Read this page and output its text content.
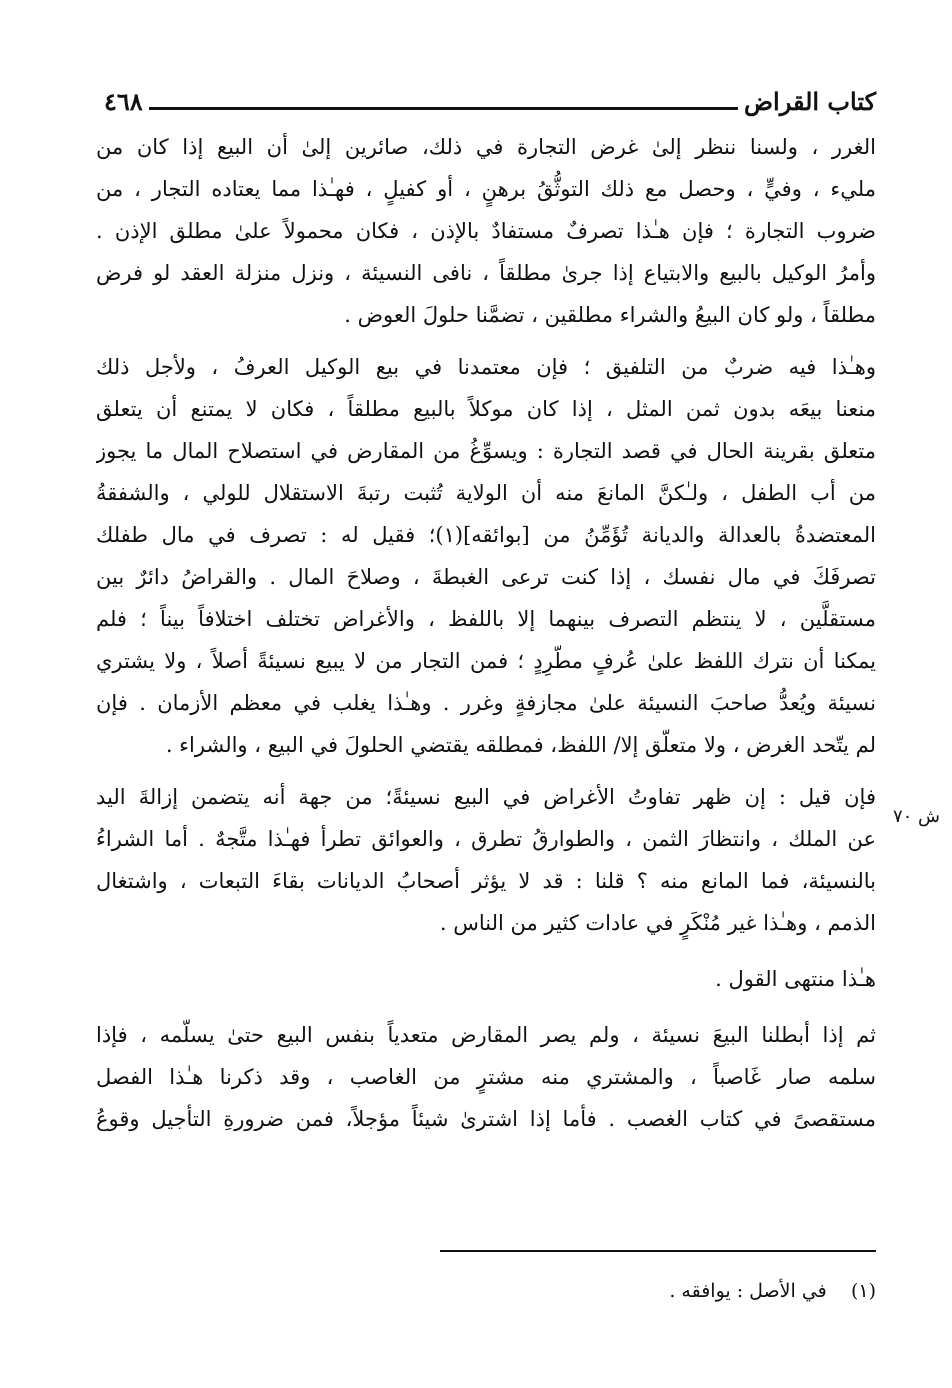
كتاب القراض
٤٦٨
الغرر ، ولسنا ننظر إلىٰ غرض التجارة في ذلك، صائرين إلىٰ أن البيع إذا كان من
مليء ، وفيٍّ ، وحصل مع ذلك التوثُّقُ برهنٍ ، أو كفيلٍ ، فهـٰذا مما يعتاده التجار ، من
ضروب التجارة ؛ فإن هـٰذا تصرفٌ مستفادٌ بالإذن ، فكان محمولاً علىٰ مطلق الإذن .
وأمرُ الوكيل بالبيع والابتياع إذا جرىٰ مطلقاً ، نافى النسيئة ، ونزل منزلة العقد لو فرض
مطلقاً ، ولو كان البيعُ والشراء مطلقين ، تضمَّنا حلولَ العوض .
وهـٰذا فيه ضربٌ من التلفيق ؛ فإن معتمدنا في بيع الوكيل العرفُ ، ولأجل ذلك
منعنا بيعَه بدون ثمن المثل ، إذا كان موكلاً بالبيع مطلقاً ، فكان لا يمتنع أن يتعلق
متعلق بقرينة الحال في قصد التجارة : ويسوِّغُ من المقارض في استصلاح المال ما يجوز
من أب الطفل ، ولـٰكنَّ المانعَ منه أن الولاية تُثبت رتبةَ الاستقلال للولي ، والشفقةُ
المعتضدةُ بالعدالة والديانة تُؤَمِّنُ من [بوائقه](١)؛ فقيل له : تصرف في مال طفلك
تصرفَكَ في مال نفسك ، إذا كنت ترعى الغبطةَ ، وصلاحَ المال . والقراضُ دائرٌ بين
مستقلَّين ، لا ينتظم التصرف بينهما إلا باللفظ ، والأغراض تختلف اختلافاً بيناً ؛ فلم
يمكنا أن نترك اللفظ علىٰ عُرفٍ مطّرِدٍ ؛ فمن التجار من لا يبيع نسيئةً أصلاً ، ولا يشتري
نسيئة ويُعدُّ صاحبَ النسيئة علىٰ مجازفةٍ وغرر . وهـٰذا يغلب في معظم الأزمان . فإن
لم يتّحد الغرض ، ولا متعلّق إلا/ اللفظ، فمطلقه يقتضي الحلولَ في البيع ، والشراء .
فإن قيل : إن ظهر تفاوتُ الأغراض في البيع نسيئةً؛ من جهة أنه يتضمن إزالةَ اليد
عن الملك ، وانتظارَ الثمن ، والطوارقُ تطرق ، والعوائق تطرأ فهـٰذا متَّجهٌ . أما الشراءُ
بالنسيئة، فما المانع منه ؟ قلنا : قد لا يؤثر أصحابُ الديانات بقاءَ التبعات ، واشتغال
الذمم ، وهـٰذا غير مُنْكَرٍ في عادات كثير من الناس .
هـٰذا منتهى القول .
ثم إذا أبطلنا البيعَ نسيئة ، ولم يصر المقارض متعدياً بنفس البيع حتىٰ يسلّمه ، فإذا
سلمه صار غَاصباً ، والمشتري منه مشترٍ من الغاصب ، وقد ذكرنا هـٰذا الفصل
مستقصىً في كتاب الغصب . فأما إذا اشترىٰ شيئاً مؤجلاً، فمن ضرورةِ التأجيل وقوعُ
ش ٧٠
(١)    في الأصل : يوافقه .
